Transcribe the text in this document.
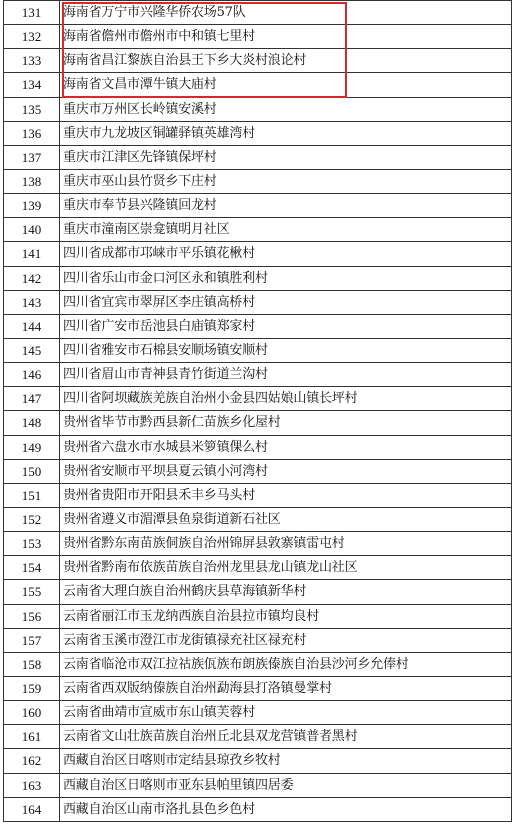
131	海南省万宁市兴隆华侨农场57队
132	海南省儋州市儋州市中和镇七里村
133	海南省昌江黎族自治县王下乡大炎村浪论村
134	海南省文昌市潭牛镇大庙村
135	重庆市万州区长岭镇安溪村
136	重庆市九龙坡区铜罐驿镇英雄湾村
137	重庆市江津区先锋镇保坪村
138	重庆市巫山县竹贤乡下庄村
139	重庆市奉节县兴隆镇回龙村
140	重庆市潼南区崇龛镇明月社区
141	四川省成都市邛崃市平乐镇花楸村
142	四川省乐山市金口河区永和镇胜利村
143	四川省宜宾市翠屏区李庄镇高桥村
144	四川省广安市岳池县白庙镇郑家村
145	四川省雅安市石棉县安顺场镇安顺村
146	四川省眉山市青神县青竹街道兰沟村
147	四川省阿坝藏族羌族自治州小金县四姑娘山镇长坪村
148	贵州省毕节市黔西县新仁苗族乡化屋村
149	贵州省六盘水市水城县米箩镇倮么村
150	贵州省安顺市平坝县夏云镇小河湾村
151	贵州省贵阳市开阳县禾丰乡马头村
152	贵州省遵义市湄潭县鱼泉街道新石社区
153	贵州省黔东南苗族侗族自治州锦屏县敦寨镇雷屯村
154	贵州省黔南布依族苗族自治州龙里县龙山镇龙山社区
155	云南省大理白族自治州鹤庆县草海镇新华村
156	云南省丽江市玉龙纳西族自治县拉市镇均良村
157	云南省玉溪市澄江市龙街镇禄充社区禄充村
158	云南省临沧市双江拉祜族佤族布朗族傣族自治县沙河乡允俸村
159	云南省西双版纳傣族自治州勐海县打洛镇曼掌村
160	云南省曲靖市宣威市东山镇芙蓉村
161	云南省文山壮族苗族自治州丘北县双龙营镇普者黑村
162	西藏自治区日喀则市定结县琼孜乡牧村
163	西藏自治区日喀则市亚东县帕里镇四居委
164	西藏自治区山南市洛扎县色乡色村
